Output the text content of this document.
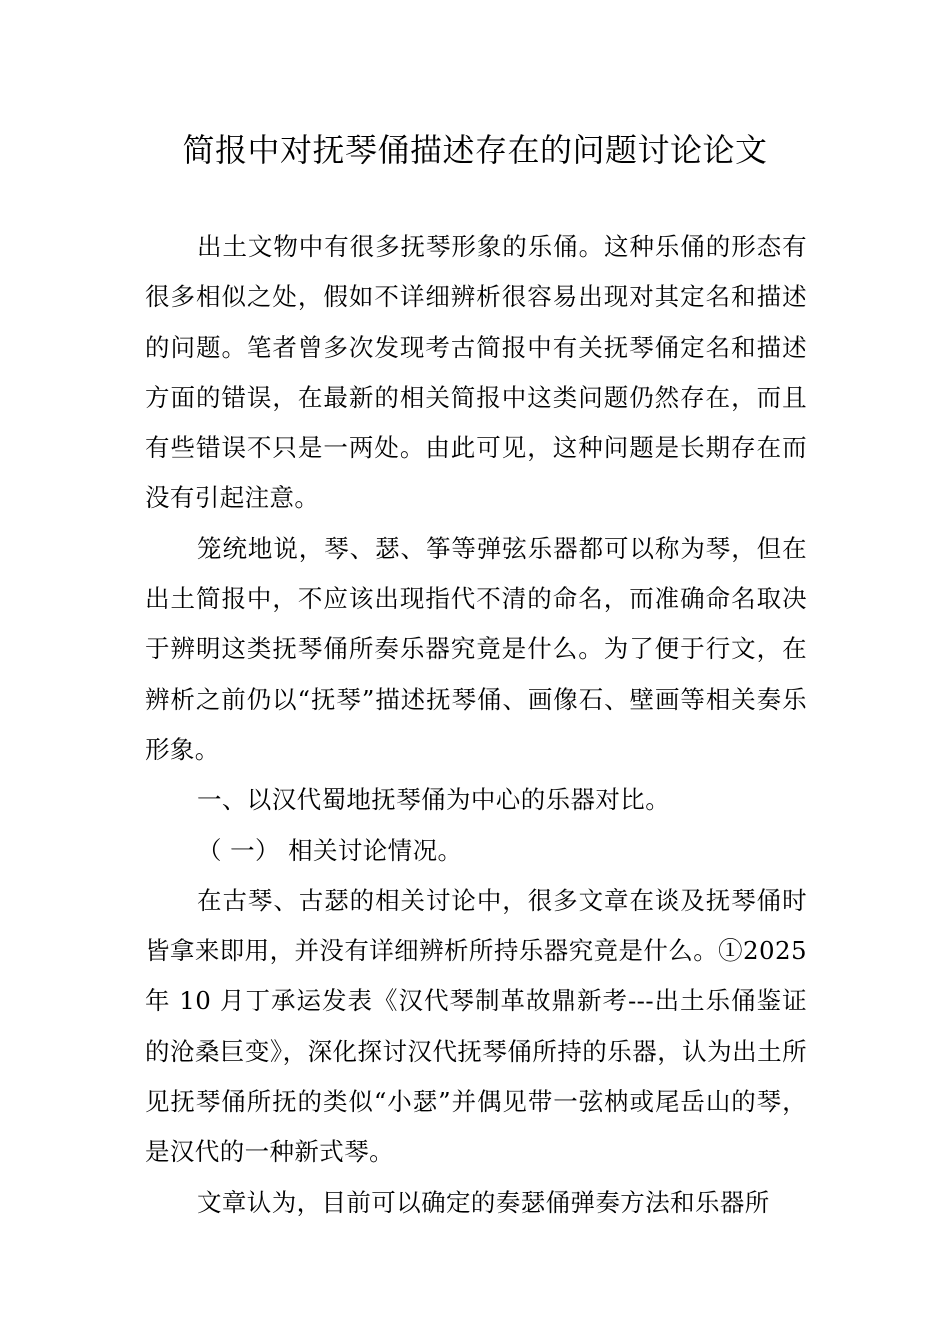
简报中对抚琴俑描述存在的问题讨论论文

出土文物中有很多抚琴形象的乐俑。这种乐俑的形态有很多相似之处，假如不详细辨析很容易出现对其定名和描述的问题。笔者曾多次发现考古简报中有关抚琴俑定名和描述方面的错误，在最新的相关简报中这类问题仍然存在，而且有些错误不只是一两处。由此可见，这种问题是长期存在而没有引起注意。

笼统地说，琴、瑟、筝等弹弦乐器都可以称为琴，但在出土简报中，不应该出现指代不清的命名，而准确命名取决于辨明这类抚琴俑所奏乐器究竟是什么。为了便于行文，在辨析之前仍以“抚琴”描述抚琴俑、画像石、壁画等相关奏乐形象。

一、以汉代蜀地抚琴俑为中心的乐器对比。

（ 一） 相关讨论情况。

在古琴、古瑟的相关讨论中，很多文章在谈及抚琴俑时皆拿来即用，并没有详细辨析所持乐器究竟是什么。①2025 年 10 月丁承运发表《汉代琴制革故鼎新考---出土乐俑鉴证的沧桑巨变》，深化探讨汉代抚琴俑所持的乐器，认为出土所见抚琴俑所抚的类似“小瑟”并偶见带一弦枘或尾岳山的琴，是汉代的一种新式琴。

文章认为，目前可以确定的奏瑟俑弹奏方法和乐器所
